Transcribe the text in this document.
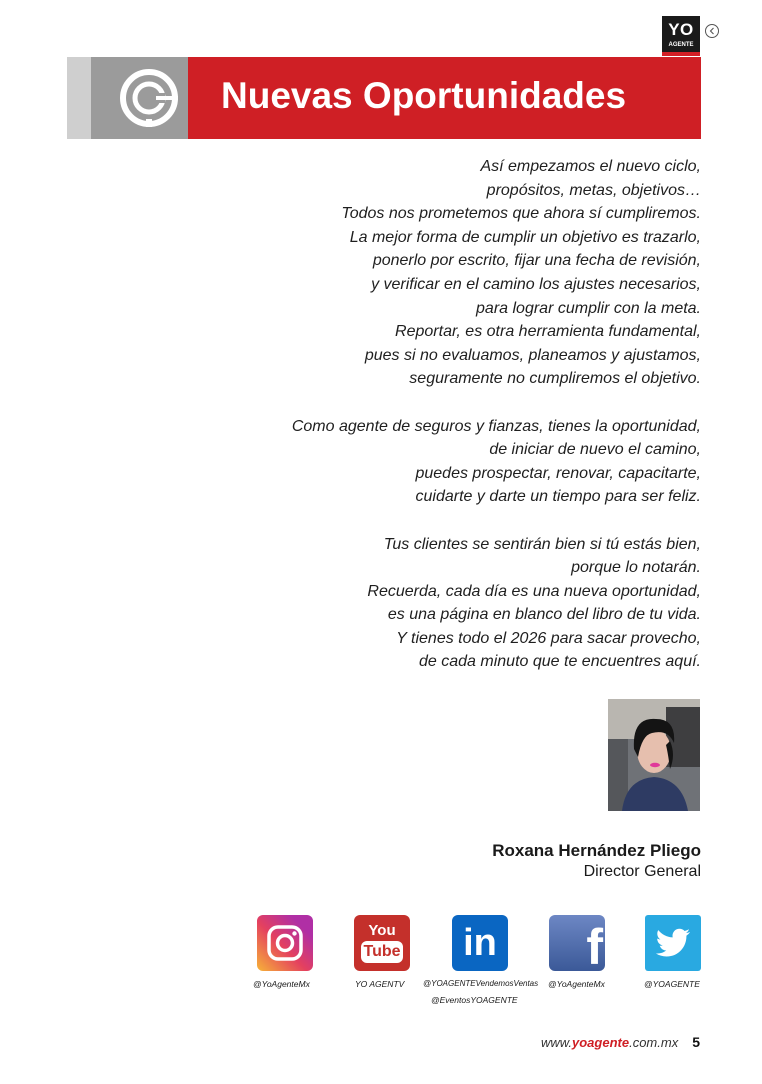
YO
AGENTE
Nuevas Oportunidades
Así empezamos el nuevo ciclo,
propósitos, metas, objetivos…
Todos nos prometemos que ahora sí cumpliremos.
La mejor forma de cumplir un objetivo es trazarlo,
ponerlo por escrito, fijar una fecha de revisión,
y verificar en el camino los ajustes necesarios,
para lograr cumplir con la meta.
Reportar, es otra herramienta fundamental,
pues si no evaluamos, planeamos y ajustamos,
seguramente no cumpliremos el objetivo.
Como agente de seguros y fianzas, tienes la oportunidad,
de iniciar de nuevo el camino,
puedes prospectar, renovar, capacitarte,
cuidarte y darte un tiempo para ser feliz.
Tus clientes se sentirán bien si tú estás bien,
porque lo notarán.
Recuerda, cada día es una nueva oportunidad,
es una página en blanco del libro de tu vida.
Y tienes todo el 2026 para sacar provecho,
de cada minuto que te encuentres aquí.
Roxana Hernández Pliego
Director General
@YoAgenteMx
You
Tube
YO AGENTV
in
@YOAGENTEVendemosVentas
@EventosYOAGENTE
f
@YoAgenteMx	@YOAGENTE
www.yoagente.com.mx 5
